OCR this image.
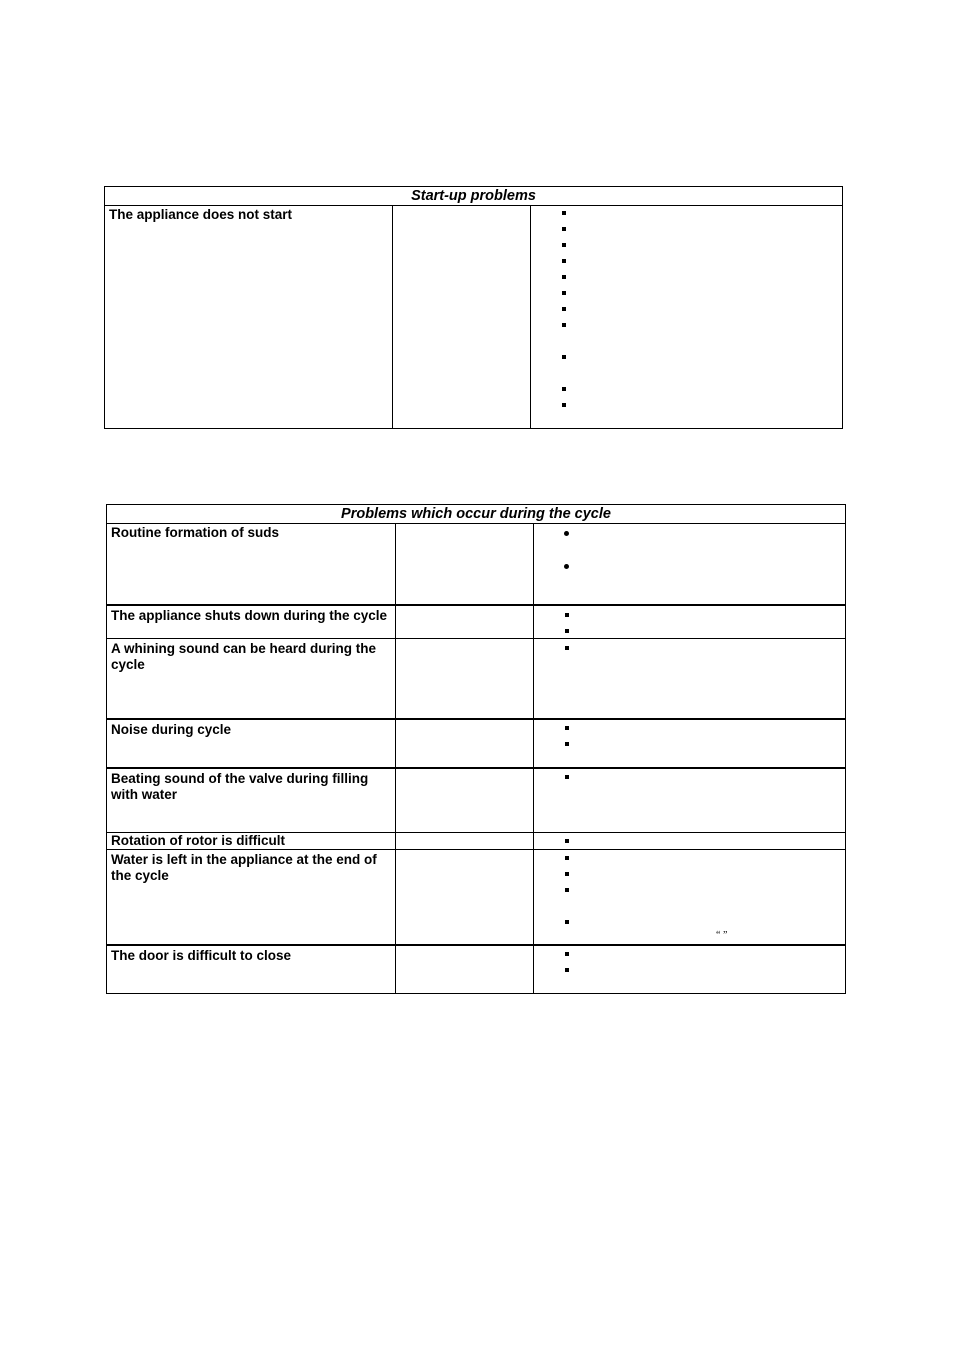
Start-up problems
The appliance does not start
Problems which occur during the cycle
Routine formation of suds
The appliance shuts down during the cycle
A whining sound can be heard during the cycle
Noise during cycle
Beating sound of the valve during filling with water
Rotation of rotor is difficult
Water is left in the appliance at the end of the cycle
“ ”
The door is difficult to close
